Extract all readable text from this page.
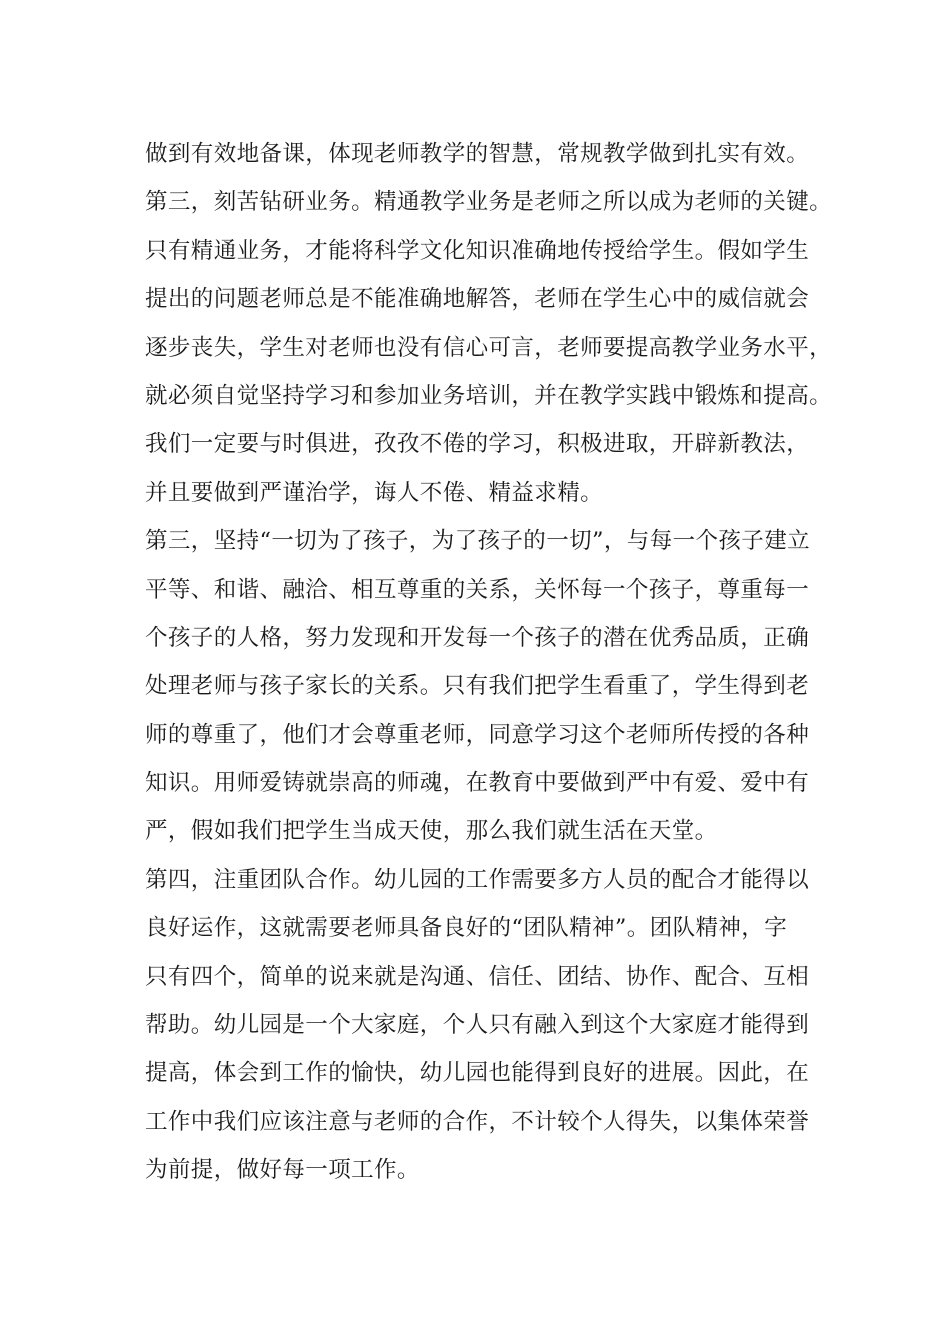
做到有效地备课，体现老师教学的智慧，常规教学做到扎实有效。
第三，刻苦钻研业务。精通教学业务是老师之所以成为老师的关键。
只有精通业务，才能将科学文化知识准确地传授给学生。假如学生
提出的问题老师总是不能准确地解答，老师在学生心中的威信就会
逐步丧失，学生对老师也没有信心可言，老师要提高教学业务水平，
就必须自觉坚持学习和参加业务培训，并在教学实践中锻炼和提高。
我们一定要与时俱进，孜孜不倦的学习，积极进取，开辟新教法，
并且要做到严谨治学，诲人不倦、精益求精。
第三，坚持“一切为了孩子，为了孩子的一切”，与每一个孩子建立
平等、和谐、融洽、相互尊重的关系，关怀每一个孩子，尊重每一
个孩子的人格，努力发现和开发每一个孩子的潜在优秀品质，正确
处理老师与孩子家长的关系。只有我们把学生看重了，学生得到老
师的尊重了，他们才会尊重老师，同意学习这个老师所传授的各种
知识。用师爱铸就崇高的师魂，在教育中要做到严中有爱、爱中有
严，假如我们把学生当成天使，那么我们就生活在天堂。
第四，注重团队合作。幼儿园的工作需要多方人员的配合才能得以
良好运作，这就需要老师具备良好的“团队精神”。团队精神，字
只有四个，简单的说来就是沟通、信任、团结、协作、配合、互相
帮助。幼儿园是一个大家庭，个人只有融入到这个大家庭才能得到
提高，体会到工作的愉快，幼儿园也能得到良好的进展。因此，在
工作中我们应该注意与老师的合作，不计较个人得失，以集体荣誉
为前提，做好每一项工作。
